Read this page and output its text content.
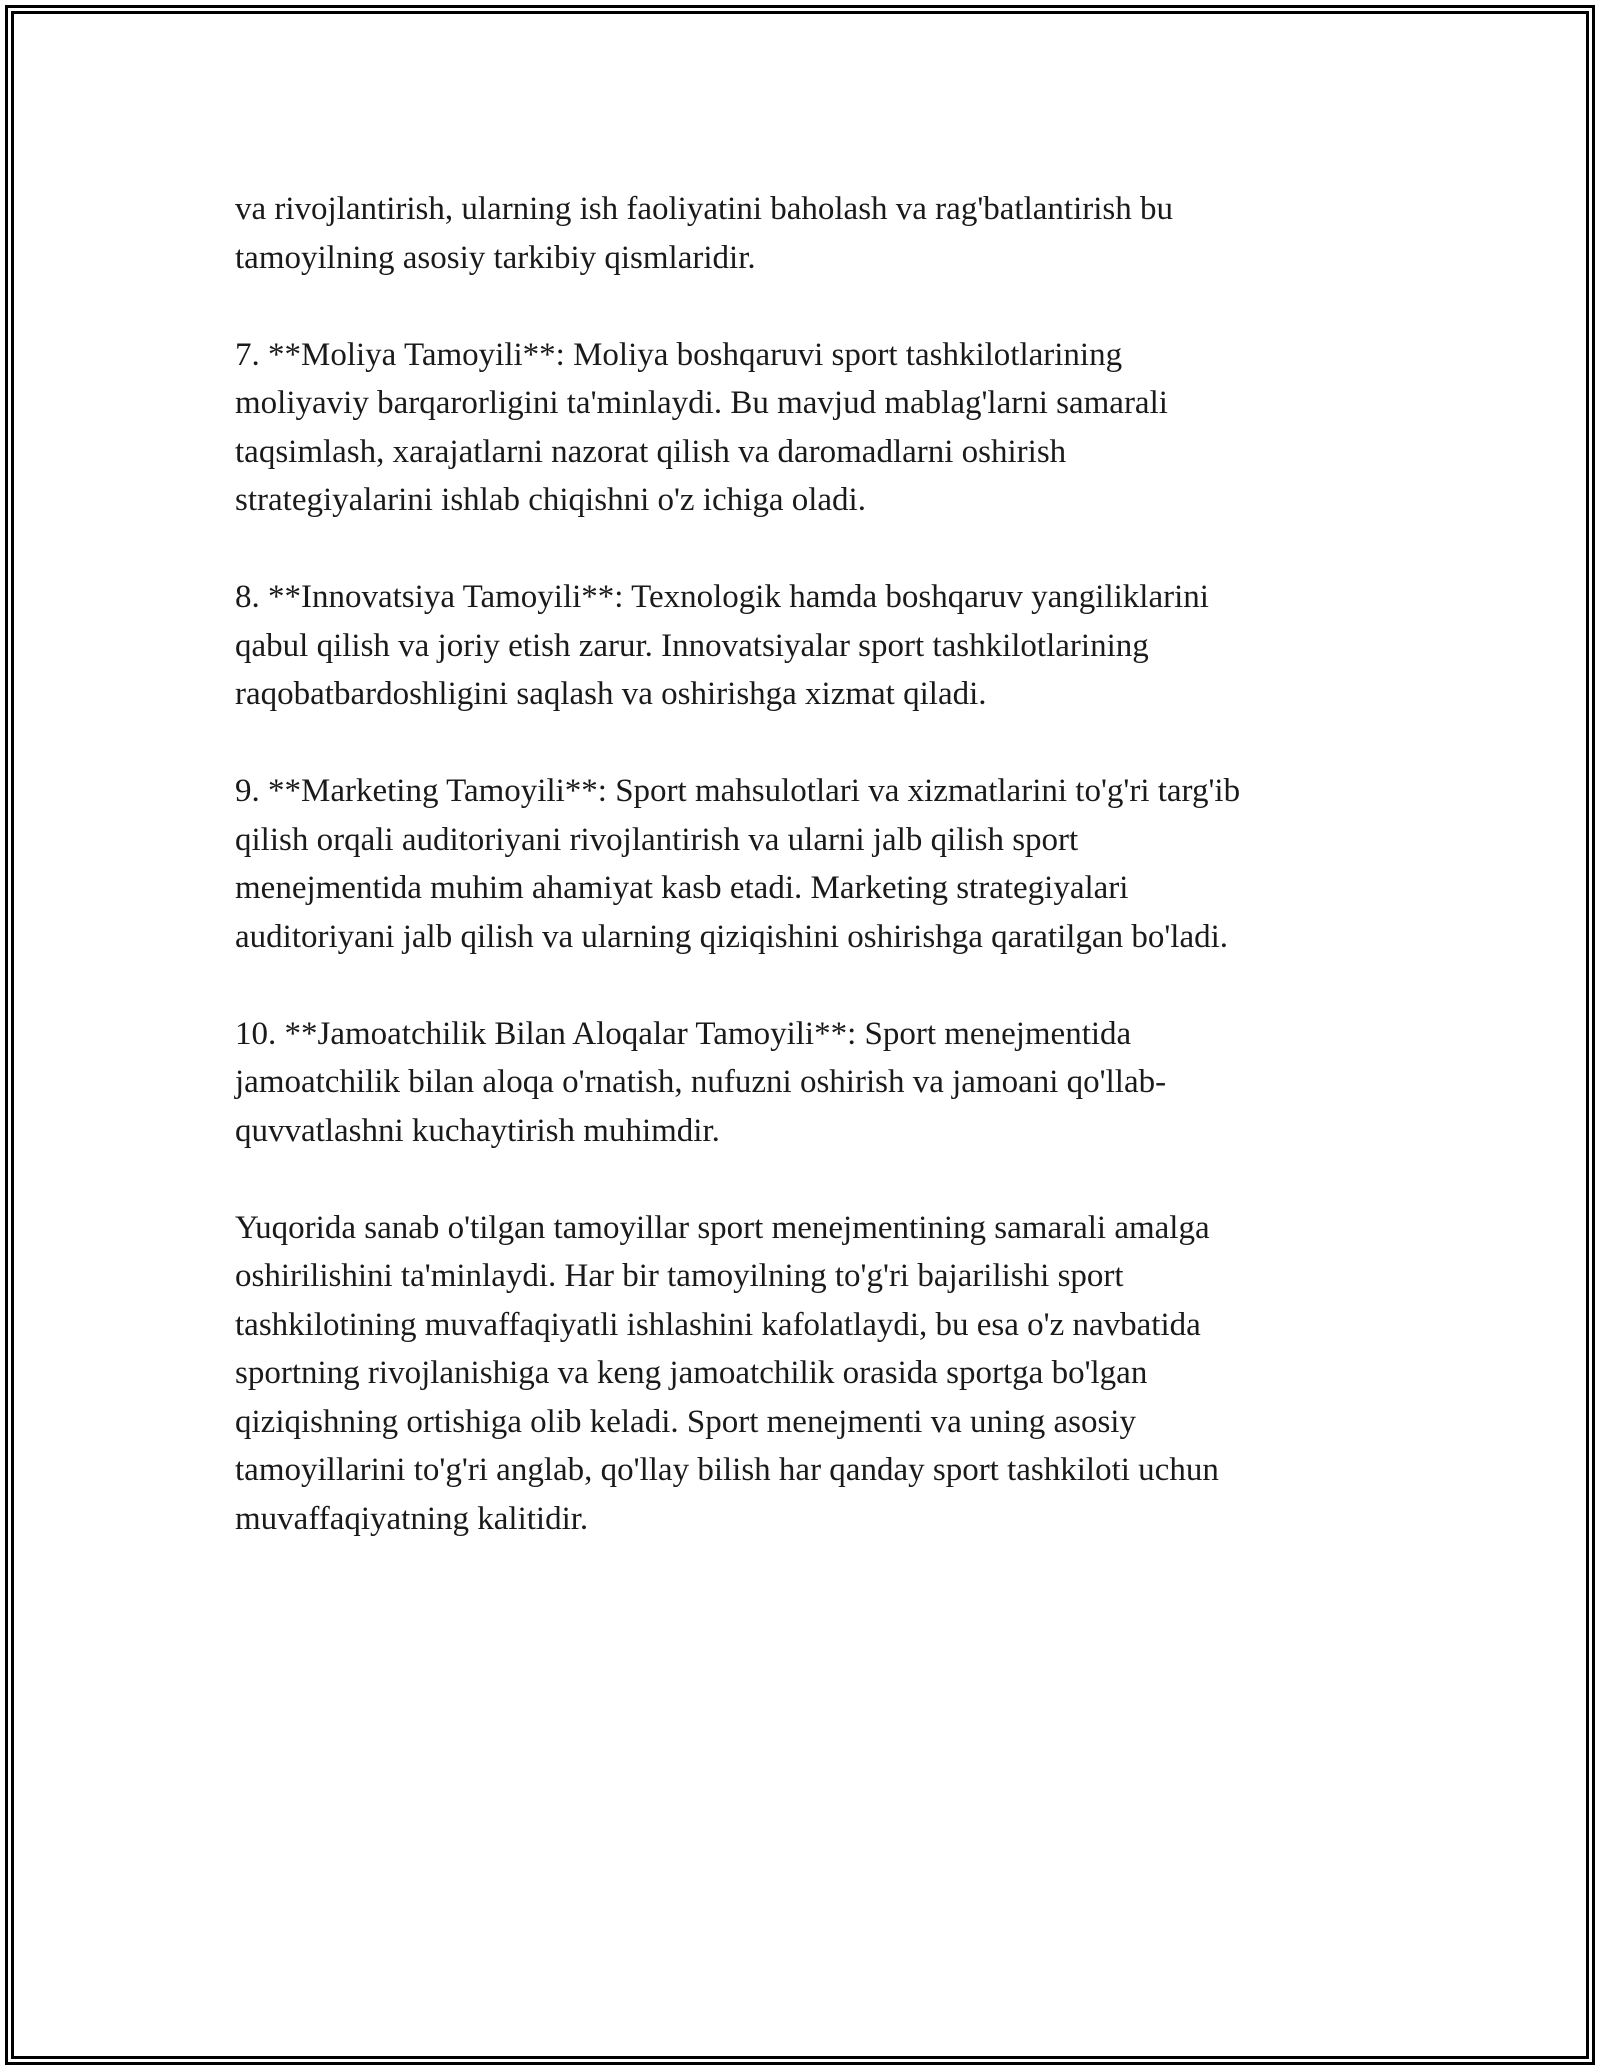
va rivojlantirish, ularning ish faoliyatini baholash va rag'batlantirish bu
tamoyilning asosiy tarkibiy qismlaridir.

7. **Moliya Tamoyili**: Moliya boshqaruvi sport tashkilotlarining
moliyaviy barqarorligini ta'minlaydi. Bu mavjud mablag'larni samarali
taqsimlash, xarajatlarni nazorat qilish va daromadlarni oshirish
strategiyalarini ishlab chiqishni o'z ichiga oladi.

8. **Innovatsiya Tamoyili**: Texnologik hamda boshqaruv yangiliklarini
qabul qilish va joriy etish zarur. Innovatsiyalar sport tashkilotlarining
raqobatbardoshligini saqlash va oshirishga xizmat qiladi.

9. **Marketing Tamoyili**: Sport mahsulotlari va xizmatlarini to'g'ri targ'ib
qilish orqali auditoriyani rivojlantirish va ularni jalb qilish sport
menejmentida muhim ahamiyat kasb etadi. Marketing strategiyalari
auditoriyani jalb qilish va ularning qiziqishini oshirishga qaratilgan bo'ladi.

10. **Jamoatchilik Bilan Aloqalar Tamoyili**: Sport menejmentida
jamoatchilik bilan aloqa o'rnatish, nufuzni oshirish va jamoani qo'llab-
quvvatlashni kuchaytirish muhimdir.

Yuqorida sanab o'tilgan tamoyillar sport menejmentining samarali amalga
oshirilishini ta'minlaydi. Har bir tamoyilning to'g'ri bajarilishi sport
tashkilotining muvaffaqiyatli ishlashini kafolatlaydi, bu esa o'z navbatida
sportning rivojlanishiga va keng jamoatchilik orasida sportga bo'lgan
qiziqishning ortishiga olib keladi. Sport menejmenti va uning asosiy
tamoyillarini to'g'ri anglab, qo'llay bilish har qanday sport tashkiloti uchun
muvaffaqiyatning kalitidir.
